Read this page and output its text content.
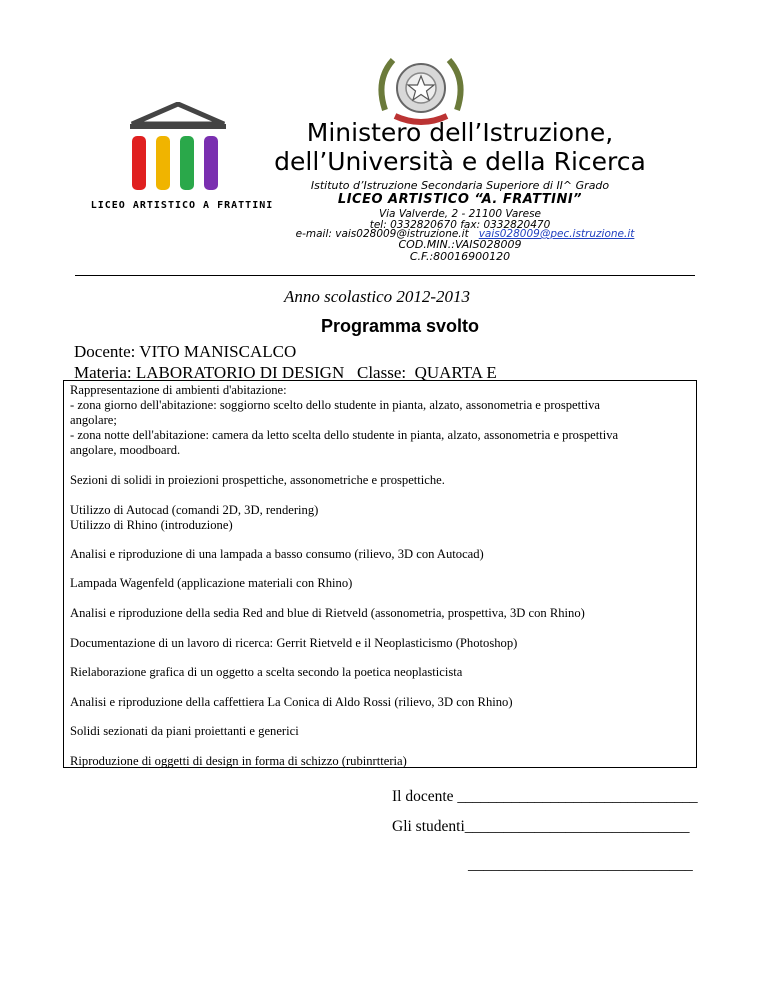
LICEO ARTISTICO A FRATTINI
Ministero dell’Istruzione,
dell’Università e della Ricerca
Istituto d’Istruzione Secondaria Superiore di II^ Grado
LICEO ARTISTICO “A. FRATTINI”
Via Valverde, 2 - 21100 Varese
tel: 0332820670 fax: 0332820470
e-mail: vais028009@istruzione.it   vais028009@pec.istruzione.it
COD.MIN.:VAIS028009
C.F.:80016900120
Anno scolastico 2012-2013
Programma svolto
Docente: VITO MANISCALCO
Materia: LABORATORIO DI DESIGN   Classe:  QUARTA E
Rappresentazione di ambienti d'abitazione:
- zona giorno dell'abitazione: soggiorno scelto dello studente in pianta, alzato, assonometria e prospettiva
angolare;
- zona notte dell'abitazione: camera da letto scelta dello studente in pianta, alzato, assonometria e prospettiva
angolare, moodboard.
Sezioni di solidi in proiezioni prospettiche, assonometriche e prospettiche.
Utilizzo di Autocad (comandi 2D, 3D, rendering)
Utilizzo di Rhino (introduzione)
Analisi e riproduzione di una lampada a basso consumo (rilievo, 3D con Autocad)
Lampada Wagenfeld (applicazione materiali con Rhino)
Analisi e riproduzione della sedia Red and blue di Rietveld (assonometria, prospettiva, 3D con Rhino)
Documentazione di un lavoro di ricerca: Gerrit Rietveld e il Neoplasticismo (Photoshop)
Rielaborazione grafica di un oggetto a scelta secondo la poetica neoplasticista
Analisi e riproduzione della caffettiera La Conica di Aldo Rossi (rilievo, 3D con Rhino)
Solidi sezionati da piani proiettanti e generici
Riproduzione di oggetti di design in forma di schizzo (rubinrtteria)
Il docente _______________________________
Gli studenti_____________________________
_____________________________
